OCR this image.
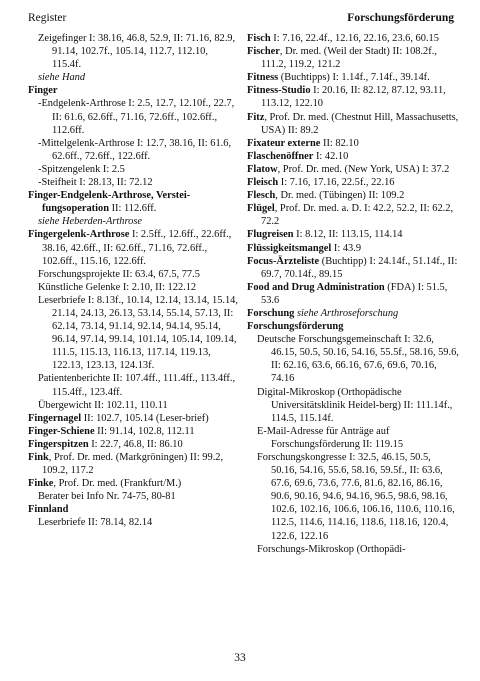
Register	Forschungsförderung
Zeigefinger I: 38.16, 46.8, 52.9, II: 71.16, 82.9, 91.14, 102.7f., 105.14, 112.7, 112.10, 115.4f.
siehe Hand
Finger
-Endgelenk-Arthrose I: 2.5, 12.7, 12.10f., 22.7, II: 61.6, 62.6ff., 71.16, 72.6ff., 102.6ff., 112.6ff.
-Mittelgelenk-Arthrose I: 12.7, 38.16, II: 61.6, 62.6ff., 72.6ff., 122.6ff.
-Spitzengelenk I: 2.5
-Steifheit I: 28.13, II: 72.12
Finger-Endgelenk-Arthrose, Verstei-fungsoperation II: 112.6ff.
siehe Heberden-Arthrose
Fingergelenk-Arthrose I: 2.5ff., 12.6ff., 22.6ff., 38.16, 42.6ff., II: 62.6ff., 71.16, 72.6ff., 102.6ff., 115.16, 122.6ff.
Forschungsprojekte II: 63.4, 67.5, 77.5
Künstliche Gelenke I: 2.10, II: 122.12
Leserbriefe I: 8.13f., 10.14, 12.14, 13.14, 15.14, 21.14, 24.13, 26.13, 53.14, 55.14, 57.13, II: 62.14, 73.14, 91.14, 92.14, 94.14, 95.14, 96.14, 97.14, 99.14, 101.14, 105.14, 109.14, 111.5, 115.13, 116.13, 117.14, 119.13, 122.13, 123.13, 124.13f.
Patientenberichte II: 107.4ff., 111.4ff., 113.4ff., 115.4ff., 123.4ff.
Übergewicht II: 102.11, 110.11
Fingernagel II: 102.7, 105.14 (Leser-brief)
Finger-Schiene II: 91.14, 102.8, 112.11
Fingerspitzen I: 22.7, 46.8, II: 86.10
Fink, Prof. Dr. med. (Markgröningen) II: 99.2, 109.2, 117.2
Finke, Prof. Dr. med. (Frankfurt/M.)
Berater bei Info Nr. 74-75, 80-81
Finnland
Leserbriefe II: 78.14, 82.14
Fisch I: 7.16, 22.4f., 12.16, 22.16, 23.6, 60.15
Fischer, Dr. med. (Weil der Stadt) II: 108.2f., 111.2, 119.2, 121.2
Fitness (Buchtipps) I: 1.14f., 7.14f., 39.14f.
Fitness-Studio I: 20.16, II: 82.12, 87.12, 93.11, 113.12, 122.10
Fitz, Prof. Dr. med. (Chestnut Hill, Massachusetts, USA) II: 89.2
Fixateur externe II: 82.10
Flaschenöffner I: 42.10
Flatow, Prof. Dr. med. (New York, USA) I: 37.2
Fleisch I: 7.16, 17.16, 22.5f., 22.16
Flesch, Dr. med. (Tübingen) II: 109.2
Flügel, Prof. Dr. med. a. D. I: 42.2, 52.2, II: 62.2, 72.2
Flugreisen I: 8.12, II: 113.15, 114.14
Flüssigkeitsmangel I: 43.9
Focus-Ärzteliste (Buchtipp) I: 24.14f., 51.14f., II: 69.7, 70.14f., 89.15
Food and Drug Administration (FDA) I: 51.5, 53.6
Forschung siehe Arthroseforschung
Forschungsförderung
Deutsche Forschungsgemeinschaft I: 32.6, 46.15, 50.5, 50.16, 54.16, 55.5f., 58.16, 59.6, II: 62.16, 63.6, 66.16, 67.6, 69.6, 70.16, 74.16
Digital-Mikroskop (Orthopädische Universitätsklinik Heidel-berg) II: 111.14f., 114.5, 115.14f.
E-Mail-Adresse für Anträge auf Forschungsförderung II: 119.15
Forschungskongresse I: 32.5, 46.15, 50.5, 50.16, 54.16, 55.6, 58.16, 59.5f., II: 63.6, 67.6, 69.6, 73.6, 77.6, 81.6, 82.16, 86.16, 90.6, 90.16, 94.6, 94.16, 96.5, 98.6, 98.16, 102.6, 102.16, 106.6, 106.16, 110.6, 110.16, 112.5, 114.6, 114.16, 118.6, 118.16, 120.4, 122.6, 122.16
Forschungs-Mikroskop (Orthopädi-
33
